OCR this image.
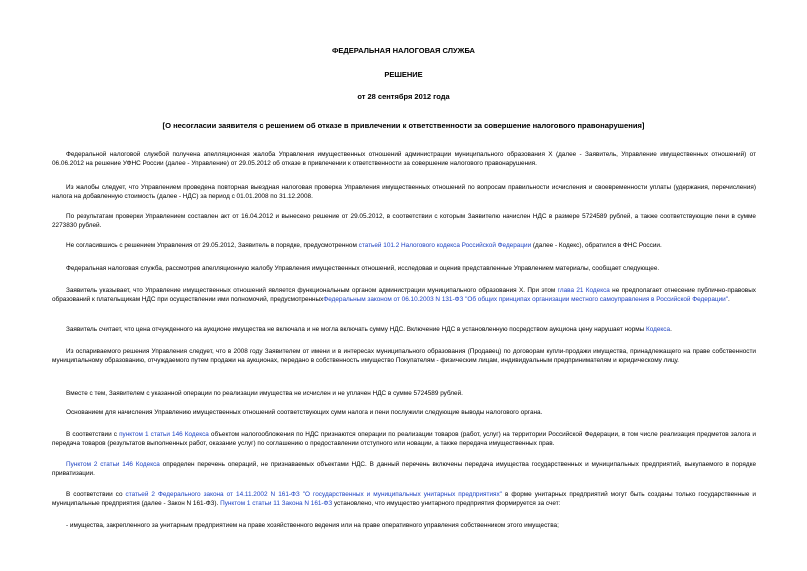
ФЕДЕРАЛЬНАЯ НАЛОГОВАЯ СЛУЖБА
РЕШЕНИЕ
от 28 сентября 2012 года
[О несогласии заявителя с решением об отказе в привлечении к ответственности за совершение налогового правонарушения]
Федеральной налоговой службой получена апелляционная жалоба Управления имущественных отношений администрации муниципального образования Х (далее - Заявитель, Управление имущественных отношений) от 06.06.2012 на решение УФНС России (далее - Управление) от 29.05.2012 об отказе в привлечении к ответственности за совершение налогового правонарушения.
Из жалобы следует, что Управлением проведена повторная выездная налоговая проверка Управления имущественных отношений по вопросам правильности исчисления и своевременности уплаты (удержания, перечисления) налога на добавленную стоимость (далее - НДС) за период с 01.01.2008 по 31.12.2008.
По результатам проверки Управлением составлен акт от 16.04.2012 и вынесено решение от 29.05.2012, в соответствии с которым Заявителю начислен НДС в размере 5724589 рублей, а также соответствующие пени в сумме 2273830 рублей.
Не согласившись с решением Управления от 29.05.2012, Заявитель в порядке, предусмотренном статьей 101.2 Налогового кодекса Российской Федерации (далее - Кодекс), обратился в ФНС России.
Федеральная налоговая служба, рассмотрев апелляционную жалобу Управления имущественных отношений, исследовав и оценив представленные Управлением материалы, сообщает следующее.
Заявитель указывает, что Управление имущественных отношений является функциональным органом администрации муниципального образования Х. При этом глава 21 Кодекса не предполагает отнесение публично-правовых образований к плательщикам НДС при осуществлении ими полномочий, предусмотренныхФедеральным законом от 06.10.2003 N 131-ФЗ "Об общих принципах организации местного самоуправления в Российской Федерации".
Заявитель считает, что цена отчужденного на аукционе имущества не включала и не могла включать сумму НДС. Включение НДС в установленную посредством аукциона цену нарушает нормы Кодекса.
Из оспариваемого решения Управления следует, что в 2008 году Заявителем от имени и в интересах муниципального образования (Продавец) по договорам купли-продажи имущества, принадлежащего на праве собственности муниципальному образованию, отчуждаемого путем продажи на аукционах, передано в собственность имущество Покупателям - физическим лицам, индивидуальным предпринимателям и юридическому лицу.
Вместе с тем, Заявителем с указанной операции по реализации имущества не исчислен и не уплачен НДС в сумме 5724589 рублей.
Основанием для начисления Управлению имущественных отношений соответствующих сумм налога и пени послужили следующие выводы налогового органа.
В соответствии с пунктом 1 статьи 146 Кодекса объектом налогообложения по НДС признаются операции по реализации товаров (работ, услуг) на территории Российской Федерации, в том числе реализация предметов залога и передача товаров (результатов выполненных работ, оказание услуг) по соглашению о предоставлении отступного или новации, а также передача имущественных прав.
Пунктом 2 статьи 146 Кодекса определен перечень операций, не признаваемых объектами НДС. В данный перечень включены передача имущества государственных и муниципальных предприятий, выкупаемого в порядке приватизации.
В соответствии со статьей 2 Федерального закона от 14.11.2002 N 161-ФЗ "О государственных и муниципальных унитарных предприятиях" в форме унитарных предприятий могут быть созданы только государственные и муниципальные предприятия (далее - Закон N 161-ФЗ). Пунктом 1 статьи 11 Закона N 161-ФЗ установлено, что имущество унитарного предприятия формируется за счет:
- имущества, закрепленного за унитарным предприятием на праве хозяйственного ведения или на праве оперативного управления собственником этого имущества;
